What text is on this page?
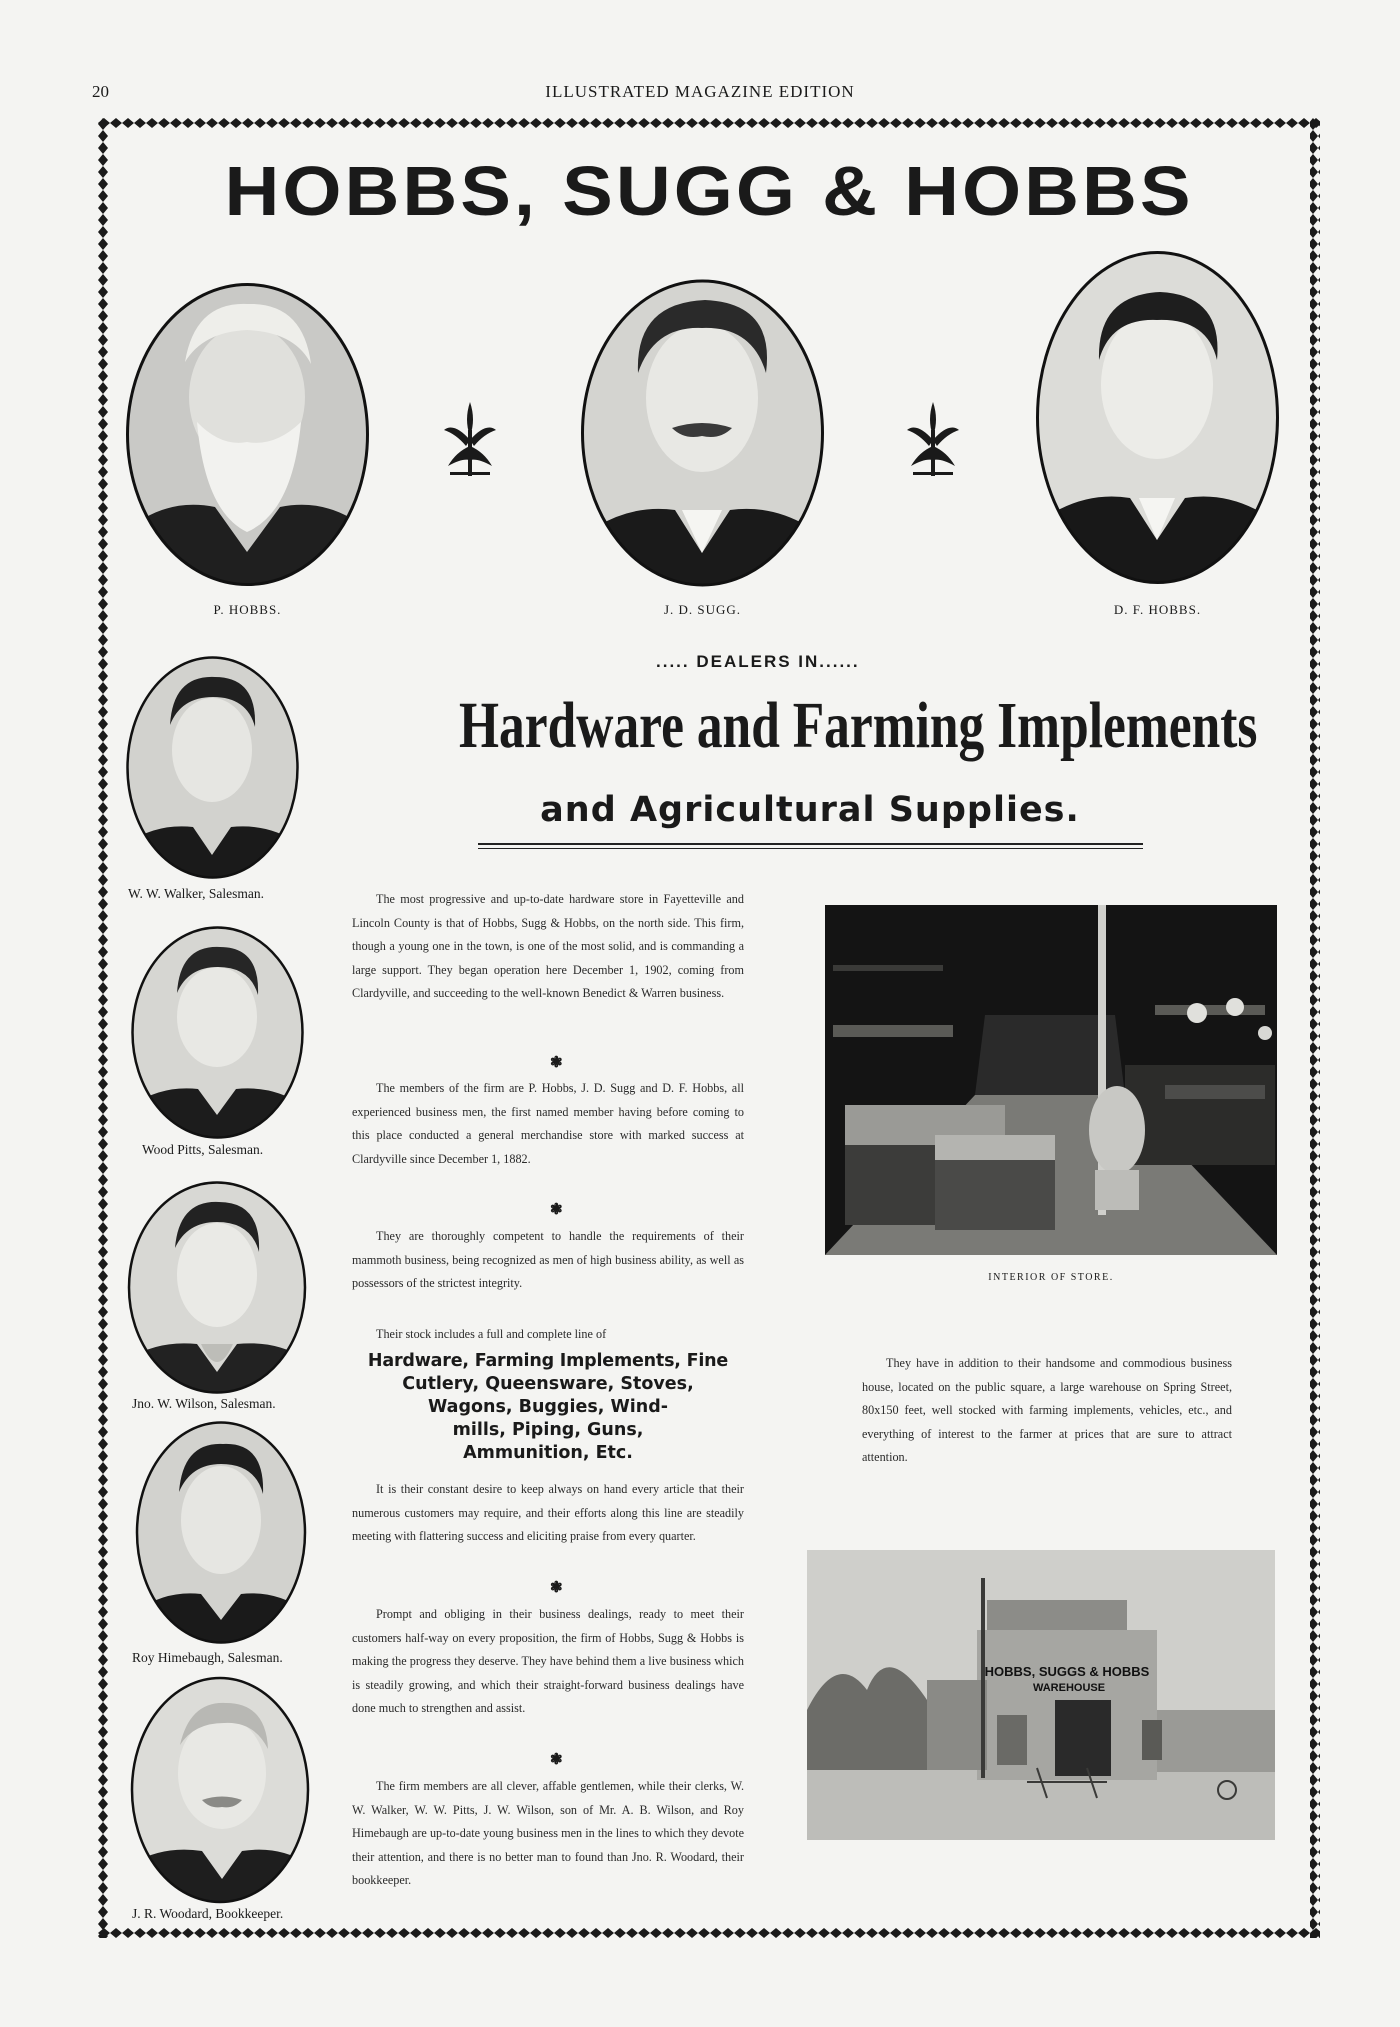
20	ILLUSTRATED MAGAZINE EDITION
HOBBS, SUGG & HOBBS
P. HOBBS.	J. D. SUGG.	D. F. HOBBS.
..... DEALERS IN......
Hardware and Farming Implements
and Agricultural Supplies.
W. W. Walker, Salesman.
Wood Pitts, Salesman.
Jno. W. Wilson, Salesman.
Roy Himebaugh, Salesman.
J. R. Woodard, Bookkeeper.

The most progressive and up-to-date hardware store in Fayetteville and Lincoln County is that of Hobbs, Sugg & Hobbs, on the north side. This firm, though a young one in the town, is one of the most solid, and is commanding a large support. They began operation here December 1, 1902, coming from Clardyville, and succeeding to the well-known Benedict & Warren business.

❃

The members of the firm are P. Hobbs, J. D. Sugg and D. F. Hobbs, all experienced business men, the first named member having before coming to this place conducted a general merchandise store with marked success at Clardyville since December 1, 1882.

❃

They are thoroughly competent to handle the requirements of their mammoth business, being recognized as men of high business ability, as well as possessors of the strictest integrity.

Their stock includes a full and complete line of

Hardware, Farming Implements, Fine
Cutlery, Queensware, Stoves,
Wagons, Buggies, Wind-
mills, Piping, Guns,
Ammunition, Etc.

It is their constant desire to keep always on hand every article that their numerous customers may require, and their efforts along this line are steadily meeting with flattering success and eliciting praise from every quarter.

❃

Prompt and obliging in their business dealings, ready to meet their customers half-way on every proposition, the firm of Hobbs, Sugg & Hobbs is making the progress they deserve. They have behind them a live business which is steadily growing, and which their straight-forward business dealings have done much to strengthen and assist.

❃

The firm members are all clever, affable gentlemen, while their clerks, W. W. Walker, W. W. Pitts, J. W. Wilson, son of Mr. A. B. Wilson, and Roy Himebaugh are up-to-date young business men in the lines to which they devote their attention, and there is no better man to found than Jno. R. Woodard, their bookkeeper.

INTERIOR OF STORE.

They have in addition to their handsome and commodious business house, located on the public square, a large warehouse on Spring Street, 80x150 feet, well stocked with farming implements, vehicles, etc., and everything of interest to the farmer at prices that are sure to attract attention.

HOBBS, SUGGS & HOBBS
WAREHOUSE
